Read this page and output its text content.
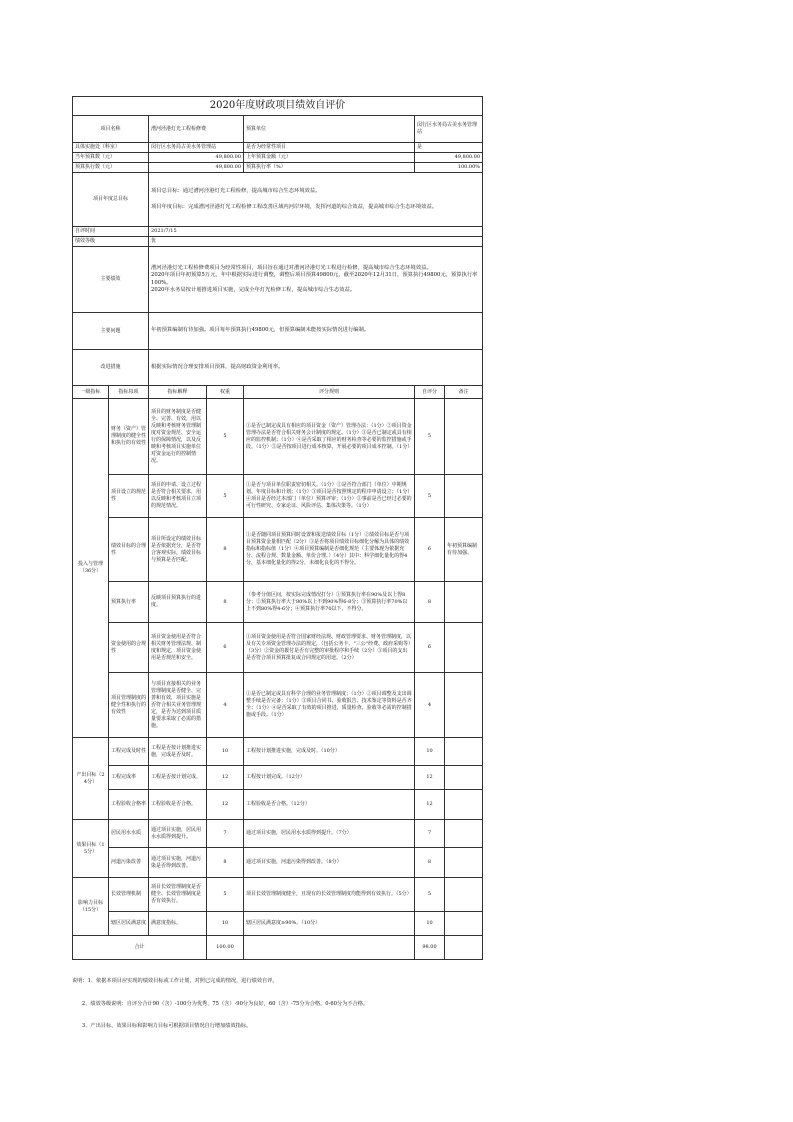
2020年度财政项目绩效自评价						
项目名称		漕河泾港灯光工程检修费		预算单位	闵行区水务局古美水务管理站	
具体实施处（科室）		闵行区水务局古美水务管理站		是否为经常性项目	是	
当年预算数（元）		49,800.00		上年预算金额（元）	49,800.00	
预算执行数（元）		49,800.00		预算执行率（%）	100.00%	
项目年度总目标		项目总目标：通过漕河泾港灯光工程检修，提高城市综合生态环境效益。
项目年度目标：完成漕河泾港灯光工程检修工程改善区域内河岸环境，发挥河道的综合效益，提高城市综合生态环境效益。				

自评时间		2021/7/15				
绩效等级		优				
主要绩效		漕河泾港灯光工程检修费项目为经常性项目，项目旨在通过对漕河泾港灯光工程进行检修，提高城市综合生态环境效益。
2020年项目年初预算5万元，年中根据实际进行调整，调整后项目预算49800元，截至2020年12月31日，预算执行49800元，预算执行率100%。
2020年水务局按计划推进项目实施，完成全年灯光检修工程，提高城市综合生态效益。				

主要问题		年初预算编制有待加强。项目每年预算执行49800元，但预算编制未能按实际情况进行编制。				
改进措施		根据实际情况合理安排项目预算，提高财政资金利用率。				
一级指标	指标每项	指标解释	权重	评分规则	自评分	备注
投入与管理（36分）	财务（资产）管理制度的健全性和执行的有效性	项目的财务制度是否健全、完善、有效，用以反映和考核财务管理制度对资金规范、安全运行的保障情况，以及反映和考核项目实施单位对资金运行的控制情况。	5	①是否已制定或具有相应的项目资金（资产）管理办法：（1分）②项目资金管理办法是否符合相关财务会计制度的规定。（1分）③是否已制定或具有相应的监控机制；（1分）④是否采取了相应的财务检查等必要的监控措施或手段。（1分）⑤是否按项目进行成本核算，开展必要的项目成本控制。（1分）	5	
	项目设立的规范性	项目的申请、设立过程是否符合相关要求，用以反映和考核项目立项的规范情况。	5	①是否与项目单位职责密切相关。（1分）②是否符合部门（单位）中期规划、年度目标和计划；（1分）③项目是否按照规定的程序申请设立；（1分）④项目是否经过本部门（单位）预算评审；（1分）⑤事前是否已经过必要的可行性研究、专家论证、风险评估、集体决策等。（1分）	5	
	绩效目标的合理性	项目所设定的绩效目标是否依据充分，是否符合客观实际，绩效目标与预算是否匹配。	8	①是否随同项目预算同时设置和报送绩效目标（1分）②绩效目标是否与项目预算资金量相匹配（2分）③是否将项目绩效目标细化分解为具体的绩效指标和指标值（1分）④项目预算编制是否细化规范（主要体现为依据充分、流程合规、数量金额、单价合理。）（4分）其中：科学细化量化的得4分，基本细化量化的得2分，未细化良化的不得分。	6	年初预算编制有待加强。
	预算执行率	反映项目预算执行的进度。	8	（参考分值区间，按实际完成情况打分）①预算执行率在90%及以上得8分；②预算执行率大于80%以上不到90%得6-8分；③预算执行率70%以上不到80%得4-6分；④预算执行率70以下，不得分。	8	
	资金使用的合规性	项目资金使用是否符合相关财务管理法规、制度和规定，项目资金使用是否规范和安全。	6	①项目资金使用是否符合国家财经法规、财政管理要求、财务管理制度，以及有关专项资金管理办法的规定，（包括公务卡、"三公"经费、政府采购等）（3分）②资金的拨付是否有完整的审批程序和手续（2分）③项目的支出是否符合项目预算批复或合同规定的用途。（2分）	6	
	项目管理制度的健全性和执行的有效性	与项目直接相关的业务管理制度是否健全、完善和有效，项目实施是否符合相关业务管理规定，是否为达到项目质量要求采取了必需的措施。	4	①是否已制定或具有科学合理的业务管理制度；（1分）②项目调整及支出调整手续是否完备；（1分）③项目合同书、验收报告、技术鉴定等资料是否齐全；（1分）④是否采取了有效的项目推进、质量检查、验收等必需的控制措施或手段。（1分）	4	
产出目标（24分）	工程完成及时性	工程是否按计划推进实施，完成是否及时。	10	工程按计划推进实施，完成及时。（10分）	10	
	工程完成率	工程是否按计划完成。	12	工程按计划完成。（12分）	12	
	工程验收合格率	工程验收是否合格。	12	工程验收是否合格。（12分）	12	
效果目标（15分）	居民用水水质	通过项目实施，居民用水水质得到提升。	7	通过项目实施，居民用水水质得到提升。（7分）	7	
	河道污染改善	通过项目实施，河道污染是否得到改善。	8	通过项目实施，河道污染得到改善。（8分）	8	
影响力目标（15分）	长效管理机制	项目长效管理制度是否健全、长效管理制度是否有效执行。	5	项目长效管理制度健全，且现有的长效管理制度均能得到有效执行。（5分）	5	
	辖区居民满意度	满意度指标。	10	辖区居民满意度≥90%。（10分）	10	
合计			100.00		98.00	

说明：1、依据本项目应实现的绩效目标或工作计划，对照已完成的情况，进行绩效自评。

2、绩效等级说明：自评分合计90（含）-100分为优秀，75（含）-90分为良好，60（含）-75分为合格，0-60分为不合格。

3、产出目标、效果目标和影响力目标可根据项目情况自行增加绩效指标。
